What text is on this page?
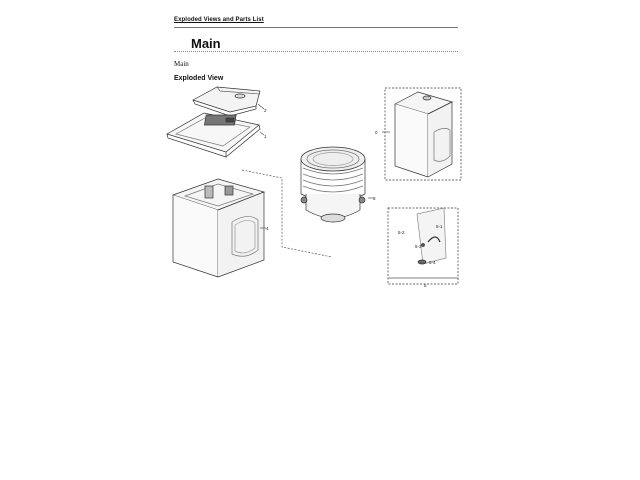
Exploded Views and Parts List
Main
Main
Exploded View
2
1
4
8
0
5
5-1
5-2
5-3
5-4
